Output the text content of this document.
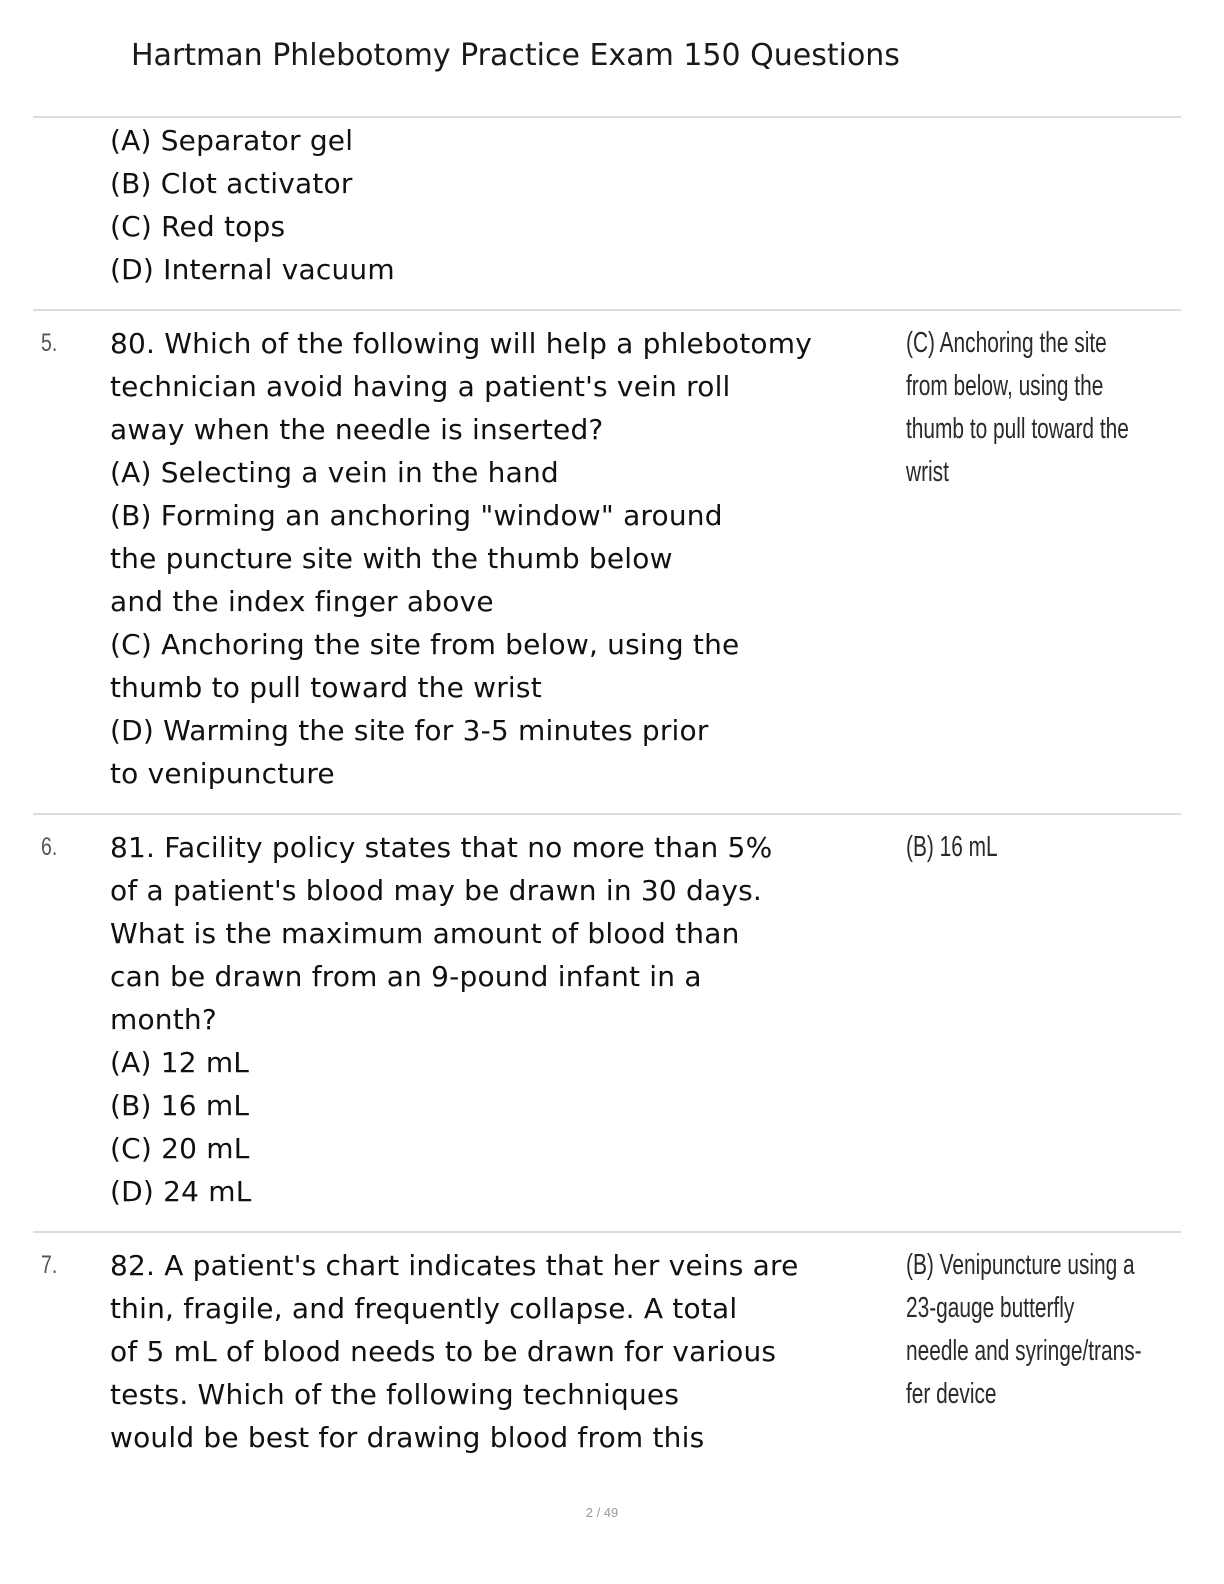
Hartman Phlebotomy Practice Exam 150 Questions
(A) Separator gel
(B) Clot activator
(C) Red tops
(D) Internal vacuum
5. 80. Which of the following will help a phlebotomy
technician avoid having a patient's vein roll
away when the needle is inserted?
(A) Selecting a vein in the hand
(B) Forming an anchoring "window" around
the puncture site with the thumb below
and the index finger above
(C) Anchoring the site from below, using the
thumb to pull toward the wrist
(D) Warming the site for 3-5 minutes prior
to venipuncture
(C) Anchoring the site
from below, using the
thumb to pull toward the
wrist
6. 81. Facility policy states that no more than 5%
of a patient's blood may be drawn in 30 days.
What is the maximum amount of blood than
can be drawn from an 9-pound infant in a
month?
(A) 12 mL
(B) 16 mL
(C) 20 mL
(D) 24 mL
(B) 16 mL
7. 82. A patient's chart indicates that her veins are
thin, fragile, and frequently collapse. A total
of 5 mL of blood needs to be drawn for various
tests. Which of the following techniques
would be best for drawing blood from this
(B) Venipuncture using a
23-gauge butterfly
needle and syringe/trans-
fer device
2 / 49
